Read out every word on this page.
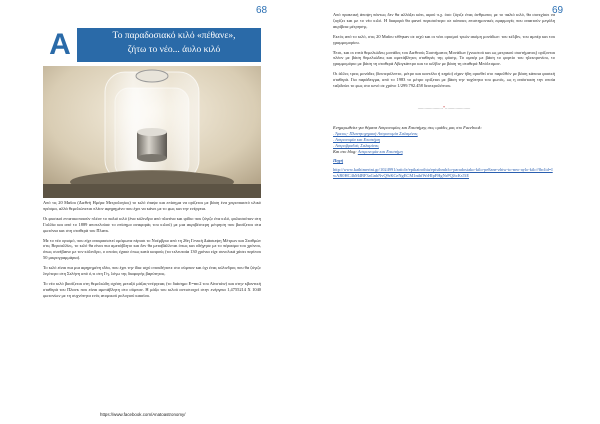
68
Το παραδοσιακό κιλό «πέθανε»,
ζήτω το νέο... άυλο κιλό
A

Από τις 20 Μαΐου (Διεθνή Ημέρα Μετρολογίας) το κιλό έπαψε και επίσημα να ορίζεται με βάση ένα χειροπιαστό υλικό πρόσμα, αλλά θεμελιώνεται πλέον αφηρημένο που έχει να κάνει με το φως και την ενέργεια.

Οι φυσικοί εντατικοποιούν πλέον το παλιό κιλό (ένα κύλινδρο από πλατίνα και ιρίδιο που ζύγιζε ένα κιλό, φυλασσόταν στη Γαλλία και από το 1889 αποτελούσε το επίσημο αναφοράς του κιλού) με μια ακριβέστερη μέτρηση που βασίζεται στα φωτόνια και στη σταθερά του Πλανκ.

Με το νέο ορισμό, που είχε αποφασιστεί ομόφωνα πέρυσι το Νοέμβριο από τη 26η Γενική Διάσκεψη Μέτρων και Σταθμών στις Βερσαλλίες, το κιλό θα είναι πια αμετάβλητο και δεν θα μεταβάλλεται όπως και οδήγησε με το πέρασμα του χρόνου, όπως συνέβαινε με τον κύλινδρο, ο οποίος έχασε όπως κατά καιρούς (τα τελευταία 130 χρόνια είχε συνολικά χάσει περίπου 50 μικρογραμμάρια).

Το κιλό είναι πια μια αφηρημένη ιδέα, που έχει την ίδια ισχύ οπουδήποτε στο σύμπαν και όχι ένας κύλινδρος που θα ζύγιζε λιγότερο στη Σελήνη από ό,τι στη Γη, λόγω της διαφορής βαρύτητας.

Το νέο κιλό βασίζεται στη θεμελιώδη σχέση μεταξύ μάζας-ενέργειας (το διάσημο E=mc2 του Αϊνστάιν) και στην κβαντική σταθερά του Πλανκ που είναι αμετάβλητη στο σύμπαν. Η μάζα του κιλού αντιστοιχεί στην ενέργεια 1,4755214 Χ 1040 φωτονίων με τη συχνότητα ενός ατομικού ρολογιού καισίου.

https://www.facebook.com/Anatoastronomy/
69

Από πρακτική άποψη πάντως δεν θα αλλάξει κάτι, αφού π.χ. όσο ζύγιζε ένας άνθρωπος με το παλιό κιλό, θα συνεχίσει να ζυγίζει και με το νέο κιλό. Η διαφορά θα φανεί περισσότερο σε κάποιες επιστημονικές εφαρμογές που απαιτούν μεγάλη ακρίβεια μέτρησης.

Εκτός από το κιλό, στις 20 Μαΐου τέθηκαν σε ισχύ και οι νέοι ορισμοί τριών ακόμη μονάδων: του κέλβιν, του αμπέρ και του γραμμομορίου.

Έτσι, και οι επτά θεμελιώδεις μονάδες του Διεθνούς Συστήματος Μονάδων (γνωστού και ως μετρικού συστήματος) ορίζονται πλέον με βάση θεμελιώδεις και αμετάβλητες σταθερές της φύσης. Το αμπέρ με βάση το φορτίο του ηλεκτρονίου, το γραμμομόριο με βάση τη σταθερά Αβογκάντρο και το κέλβιν με βάση τη σταθερά Μπόλτσμαν.

Οι άλλες τρεις μονάδες (δευτερόλεπτο, μέτρο και καντέλα ή κηρίο) είχαν ήδη ορισθεί στο παρελθόν με βάση κάποια φυσική σταθερά. Για παράδειγμα, από το 1983 το μέτρο ορίζεται με βάση την ταχύτητα του φωτός, ως η απόσταση την οποία ταξιδεύει το φως στο κενό σε χρόνο 1/299.792.458 δευτερολέπτου.

......................*......................
Ενημερωθείτε για θέματα Αστρονομίας και Επιστήμης στις ομάδες μας στο Facebook:
. Άρειος- Πλανητοχημική Αστρονομία Σαλαμίνας
. Αστρονομία και Επιστήμη
. Αστροβραδιές Σαλαμίνας
Και στο blog: Αστρονομία και Επιστήμη
Πηγή
http://www.kathimerini.gr/1024991/article/epikairothta/episthmh/to-paradosiako-kilo-pe8ane-zhtw-to-neo-aylo-kilo?fbclid=IwAR0HC4hM4BF3aGnhNvQ9rKCeNgECM1nthfWrHIpFHgNrPQJtcKsTiE
